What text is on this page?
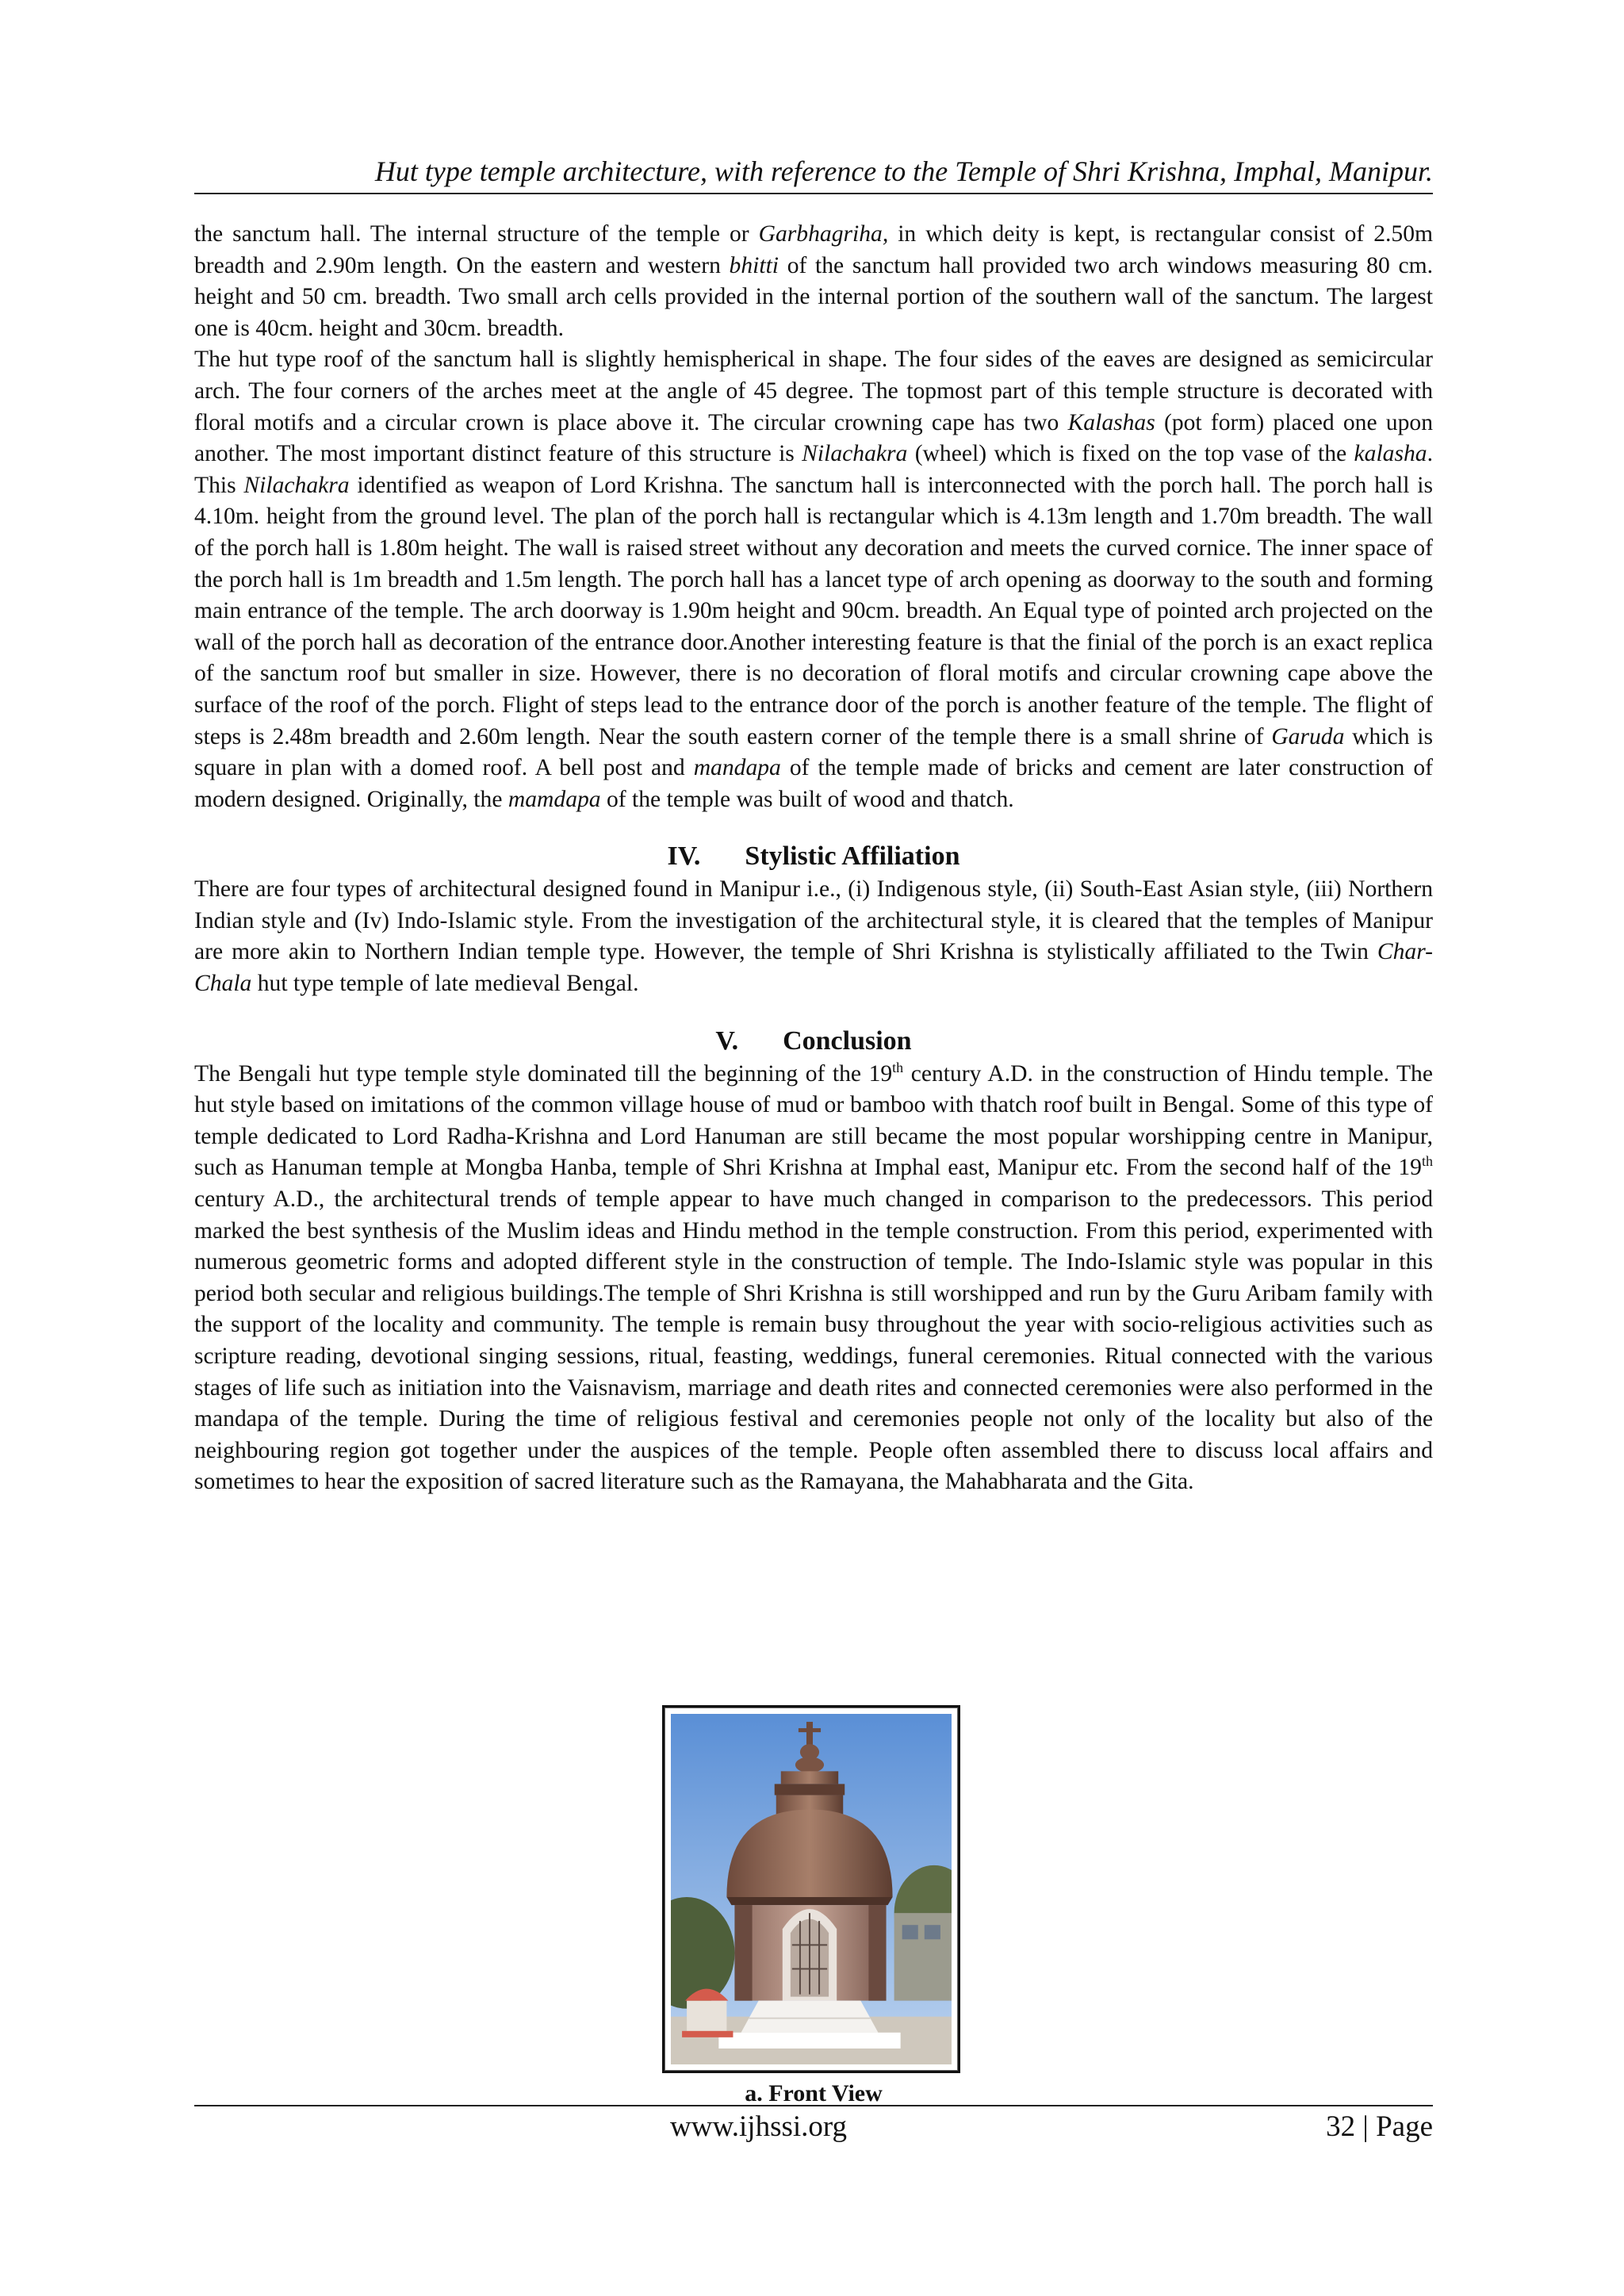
Hut type temple architecture, with reference to the Temple of Shri Krishna, Imphal, Manipur.

the sanctum hall. The internal structure of the temple or Garbhagriha, in which deity is kept, is rectangular consist of 2.50m breadth and 2.90m length. On the eastern and western bhitti of the sanctum hall provided two arch windows measuring 80 cm. height and 50 cm. breadth. Two small arch cells provided in the internal portion of the southern wall of the sanctum. The largest one is 40cm. height and 30cm. breadth.

The hut type roof of the sanctum hall is slightly hemispherical in shape. The four sides of the eaves are designed as semicircular arch. The four corners of the arches meet at the angle of 45 degree. The topmost part of this temple structure is decorated with floral motifs and a circular crown is place above it. The circular crowning cape has two Kalashas (pot form) placed one upon another. The most important distinct feature of this structure is Nilachakra (wheel) which is fixed on the top vase of the kalasha. This Nilachakra identified as weapon of Lord Krishna. The sanctum hall is interconnected with the porch hall. The porch hall is 4.10m. height from the ground level. The plan of the porch hall is rectangular which is 4.13m length and 1.70m breadth. The wall of the porch hall is 1.80m height. The wall is raised street without any decoration and meets the curved cornice. The inner space of the porch hall is 1m breadth and 1.5m length. The porch hall has a lancet type of arch opening as doorway to the south and forming main entrance of the temple. The arch doorway is 1.90m height and 90cm. breadth. An Equal type of pointed arch projected on the wall of the porch hall as decoration of the entrance door.Another interesting feature is that the finial of the porch is an exact replica of the sanctum roof but smaller in size. However, there is no decoration of floral motifs and circular crowning cape above the surface of the roof of the porch. Flight of steps lead to the entrance door of the porch is another feature of the temple. The flight of steps is 2.48m breadth and 2.60m length. Near the south eastern corner of the temple there is a small shrine of Garuda which is square in plan with a domed roof. A bell post and mandapa of the temple made of bricks and cement are later construction of modern designed. Originally, the mamdapa of the temple was built of wood and thatch.

IV. Stylistic Affiliation

There are four types of architectural designed found in Manipur i.e., (i) Indigenous style, (ii) South-East Asian style, (iii) Northern Indian style and (Iv) Indo-Islamic style. From the investigation of the architectural style, it is cleared that the temples of Manipur are more akin to Northern Indian temple type. However, the temple of Shri Krishna is stylistically affiliated to the Twin Char-Chala hut type temple of late medieval Bengal.

V. Conclusion

The Bengali hut type temple style dominated till the beginning of the 19th century A.D. in the construction of Hindu temple. The hut style based on imitations of the common village house of mud or bamboo with thatch roof built in Bengal. Some of this type of temple dedicated to Lord Radha-Krishna and Lord Hanuman are still became the most popular worshipping centre in Manipur, such as Hanuman temple at Mongba Hanba, temple of Shri Krishna at Imphal east, Manipur etc. From the second half of the 19th century A.D., the architectural trends of temple appear to have much changed in comparison to the predecessors. This period marked the best synthesis of the Muslim ideas and Hindu method in the temple construction. From this period, experimented with numerous geometric forms and adopted different style in the construction of temple. The Indo-Islamic style was popular in this period both secular and religious buildings.The temple of Shri Krishna is still worshipped and run by the Guru Aribam family with the support of the locality and community. The temple is remain busy throughout the year with socio-religious activities such as scripture reading, devotional singing sessions, ritual, feasting, weddings, funeral ceremonies. Ritual connected with the various stages of life such as initiation into the Vaisnavism, marriage and death rites and connected ceremonies were also performed in the mandapa of the temple. During the time of religious festival and ceremonies people not only of the locality but also of the neighbouring region got together under the auspices of the temple. People often assembled there to discuss local affairs and sometimes to hear the exposition of sacred literature such as the Ramayana, the Mahabharata and the Gita.

a. Front View
www.ijhssi.org	32 | Page
